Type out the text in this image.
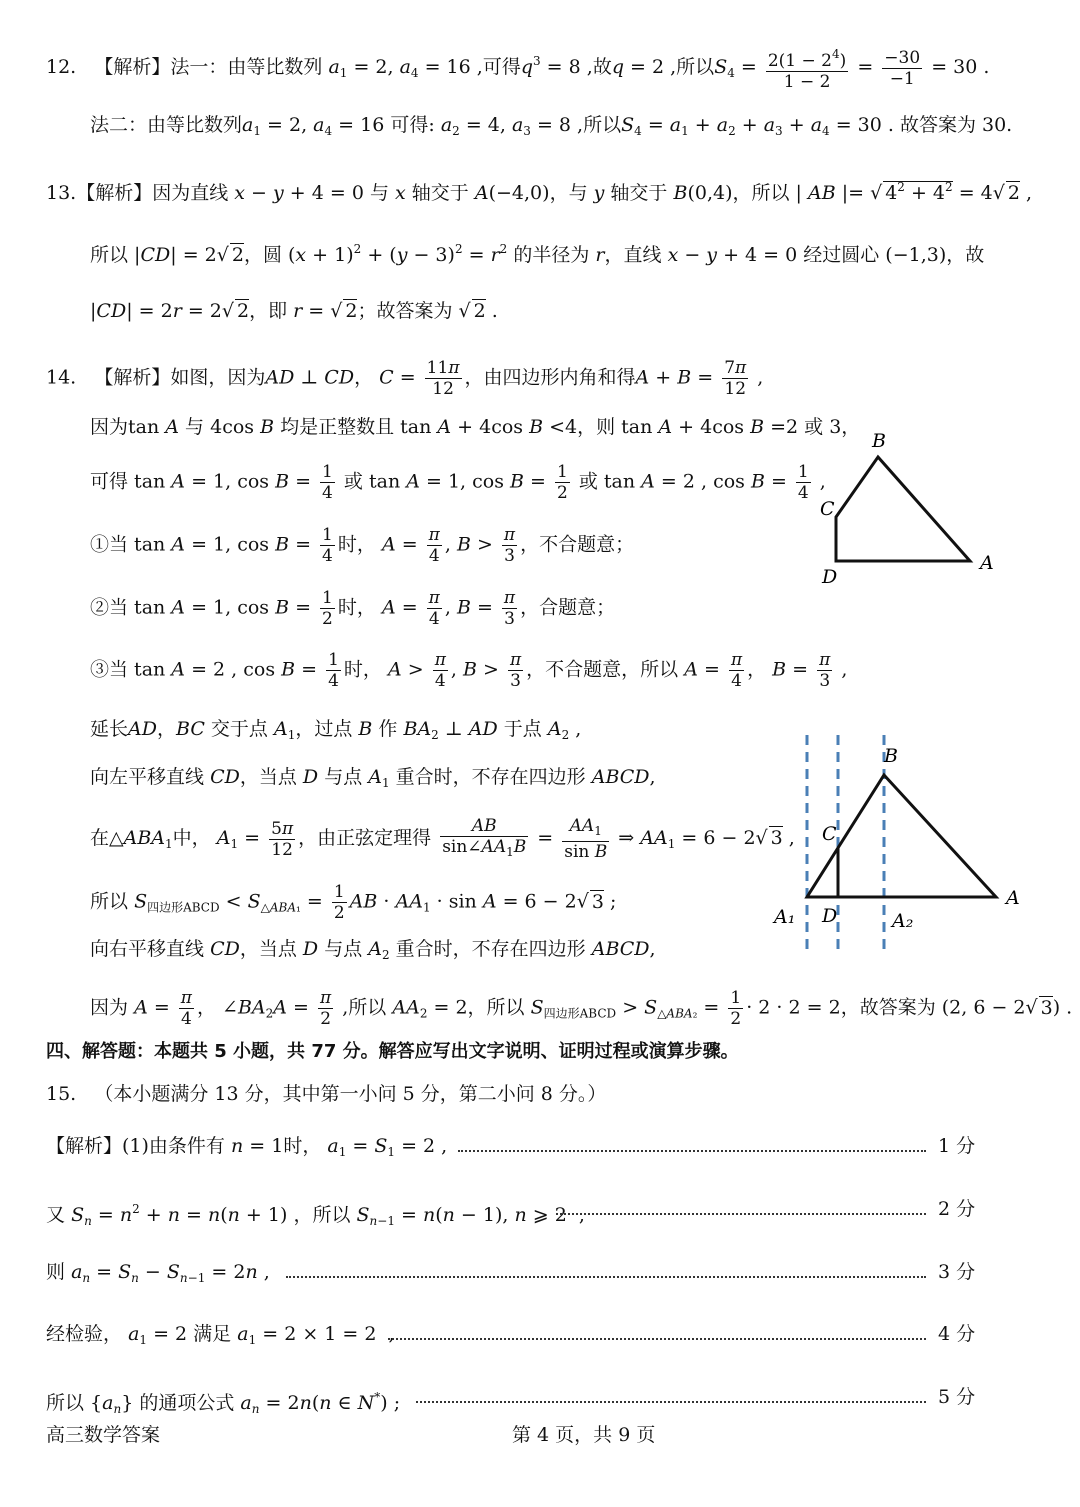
12. 【解析】法一：由等比数列 $a_1 = 2$, $a_4 = 16$ ,可得$q^3 = 8$ ,故q = 2 ,所以$S_4 = \frac{2(1 - 2^4)}{1 - 2} = \frac{-30}{-1} = 30$ .
法二：由等比数列$a_1 = 2$, $a_4 = 16$ 可得: $a_2 = 4$, $a_3 = 8$ ,所以$S_4 = a_1 + a_2 + a_3 + a_4 = 30$ . 故答案为 30.
13.【解析】因为直线 x − y + 4 = 0 与 x 轴交于 A(−4,0)，与 y 轴交于 B(0,4)，所以 | AB |= √ $4^2 + 4^2 = 4√$ 2 ,
所以 |CD| = 2√ 2，圆 $(x + 1)^2 + (y - 3)^2 = r^2$ 的半径为 r，直线 x − y + 4 = 0 经过圆心 (−1,3)，故
|CD| = 2r = 2√ 2，即 r = √ 2；故答案为 √ 2 .
14. 【解析】如图，因为AD ⊥ CD， $C = \frac{11\pi}{12}$ ，由四边形内角和得$A + B = \frac{7\pi}{12}$ ,
因为tan A 与 4cos B 均是正整数且 tan A + 4cos B <4，则 tan A + 4cos B =2 或 3，
可得 tan A = 1, $\cos B = \frac{1}{4}$ 或 tan A = 1, $\cos B = \frac{1}{2}$ 或 tan A = 2 , $\cos B = \frac{1}{4}$ ,
①当 tan A = 1, $\cos B = \frac{1}{4}$ 时， $A = \frac{\pi}{4}$ , $B > \frac{\pi}{3}$ ，不合题意；
②当 tan A = 1, $\cos B = \frac{1}{2}$ 时， $A = \frac{\pi}{4}$ , $B = \frac{\pi}{3}$ ，合题意；
③当 tan A = 2 , $\cos B = \frac{1}{4}$ 时， $A > \frac{\pi}{4}$ , $B > \frac{\pi}{3}$ ，不合题意，所以 $A = \frac{\pi}{4}$ ， $B = \frac{\pi}{3}$ ,
延长AD，BC 交于点 $A_1$，过点 B 作 $BA_2$ ⊥ AD 于点 $A_2$ ,
向左平移直线 CD，当点 D 与点 $A_1$ 重合时，不存在四边形 ABCD,
在$\triangle ABA_1$中， $A_1 = \frac{5\pi}{12}$ ，由正弦定理得 $\frac{AB}{\sin\angle AA_1B} = \frac{AA_1}{\text{sin B}}$ ⇒ $AA_1 = 6 - 2√$ 3 ,
所以 $S_{四边形ABCD} < S_{\triangle ABA_1} = \frac{1}{2}$ AB · $AA_1 \cdot \sin A = 6 - 2√$ 3 ;
向右平移直线 CD，当点 D 与点 $A_2$ 重合时，不存在四边形 ABCD,
因为 $A = \frac{\pi}{4}$ ， $\angle BA_2A = \frac{\pi}{2}$ ,所以 $AA_2 = 2$，所以 $S_{四边形ABCD} > S_{\triangle ABA_2} = \frac{1}{2} \cdot 2 \cdot 2 = 2$，故答案为 (2, 6 − 2√ 3) .
B
C
D
A
B
C
A
A₁ D	A₂
四、解答题：本题共 5 小题，共 77 分。解答应写出文字说明、证明过程或演算步骤。
15. （本小题满分 13 分，其中第一小问 5 分，第二小问 8 分。）
【解析】(1)由条件有 n = 1时， $a_1 = S_1 = 2$ ,	1 分
又 $S_n = n^2 + n = n(n + 1)$ ，所以 $S_{n-1} = n(n - 1)$, n ⩾ 2  ,	2 分
则 $a_n = S_n - S_{n-1} = 2n$ ,	3 分
经检验， $a_1 = 2$ 满足 $a_1 = 2 \times 1 = 2$  ,	4 分
所以 $\{a_n\}$ 的通项公式 $a_n = 2n(n$ ∈ N*) ;	5 分
高三数学答案	第 4 页，共 9 页
